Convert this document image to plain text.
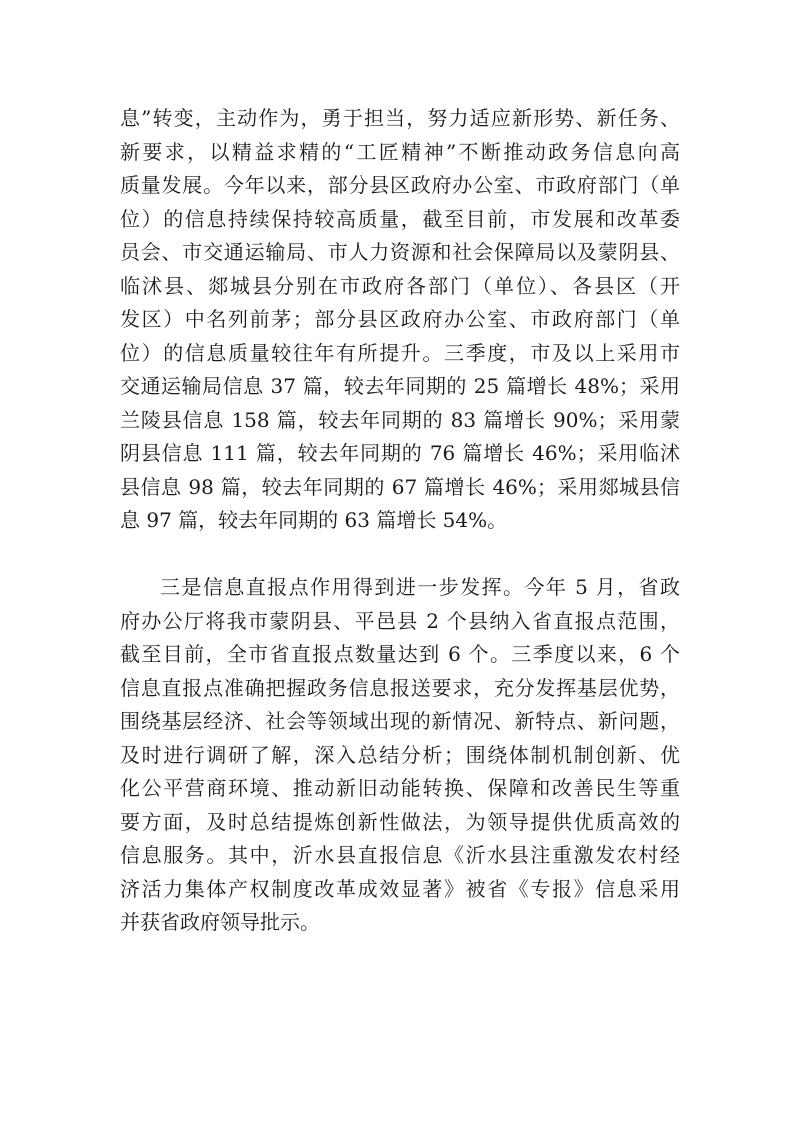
息”转变，主动作为，勇于担当，努力适应新形势、新任务、
新要求，以精益求精的“工匠精神”不断推动政务信息向高
质量发展。今年以来，部分县区政府办公室、市政府部门（单
位）的信息持续保持较高质量，截至目前，市发展和改革委
员会、市交通运输局、市人力资源和社会保障局以及蒙阴县、
临沭县、郯城县分别在市政府各部门（单位）、各县区（开
发区）中名列前茅；部分县区政府办公室、市政府部门（单
位）的信息质量较往年有所提升。三季度，市及以上采用市
交通运输局信息 37 篇，较去年同期的 25 篇增长 48%；采用
兰陵县信息 158 篇，较去年同期的 83 篇增长 90%；采用蒙
阴县信息 111 篇，较去年同期的 76 篇增长 46%；采用临沭
县信息 98 篇，较去年同期的 67 篇增长 46%；采用郯城县信
息 97 篇，较去年同期的 63 篇增长 54%。
三是信息直报点作用得到进一步发挥。今年 5 月，省政
府办公厅将我市蒙阴县、平邑县 2 个县纳入省直报点范围，
截至目前，全市省直报点数量达到 6 个。三季度以来，6 个
信息直报点准确把握政务信息报送要求，充分发挥基层优势，
围绕基层经济、社会等领域出现的新情况、新特点、新问题，
及时进行调研了解，深入总结分析；围绕体制机制创新、优
化公平营商环境、推动新旧动能转换、保障和改善民生等重
要方面，及时总结提炼创新性做法，为领导提供优质高效的
信息服务。其中，沂水县直报信息《沂水县注重激发农村经
济活力集体产权制度改革成效显著》被省《专报》信息采用
并获省政府领导批示。
